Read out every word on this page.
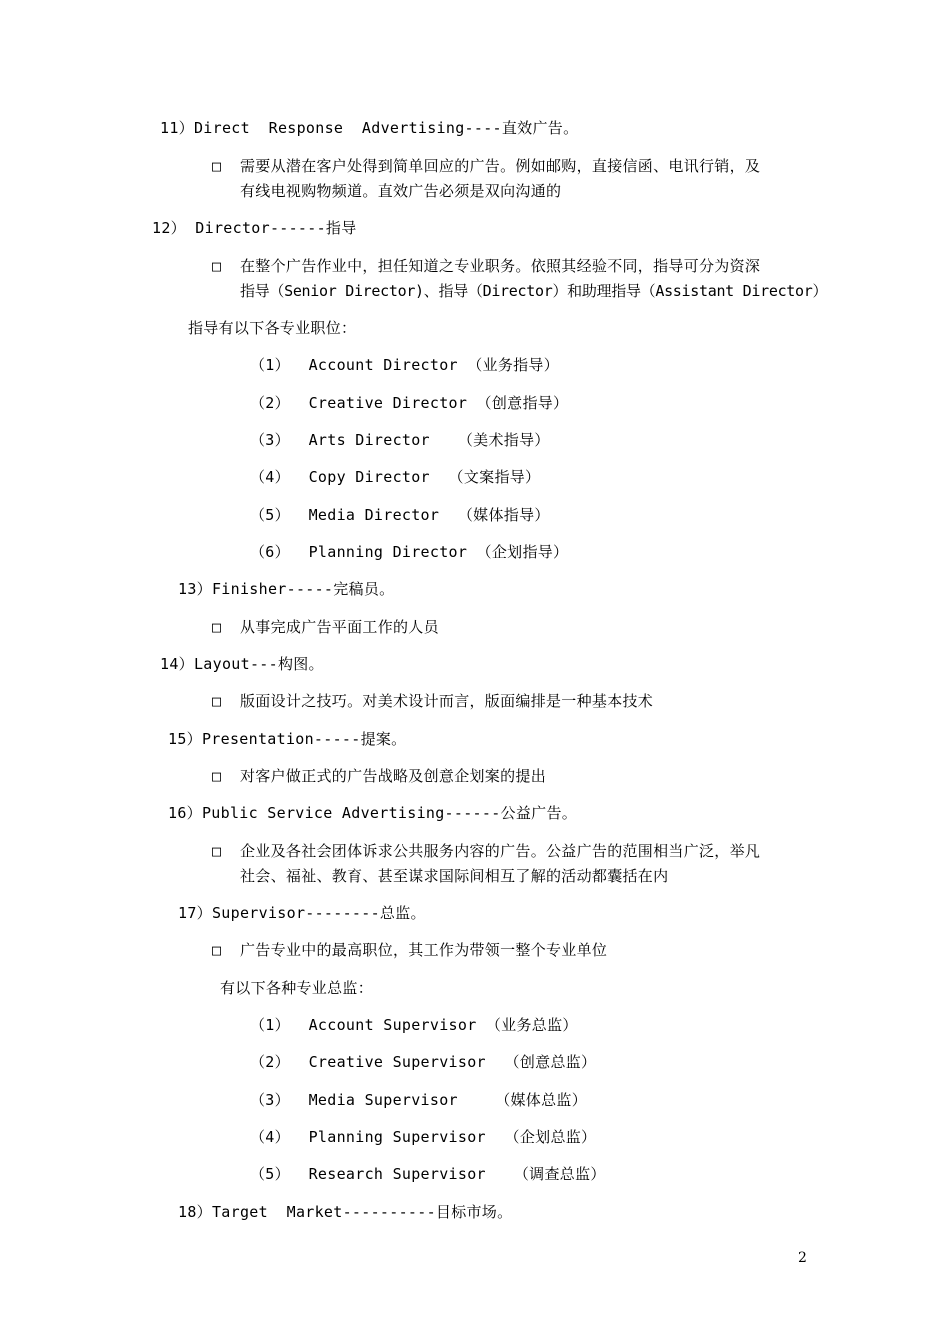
11）Direct  Response  Advertising----直效广告。
□ 需要从潜在客户处得到简单回应的广告。例如邮购，直接信函、电讯行销，及
有线电视购物频道。直效广告必须是双向沟通的
12） Director------指导
□ 在整个广告作业中，担任知道之专业职务。依照其经验不同，指导可分为资深
指导（Senior Director)、指导（Director）和助理指导（Assistant Director）
指导有以下各专业职位：
（1）  Account Director （业务指导）
（2）  Creative Director （创意指导）
（3）  Arts Director   （美术指导）
（4）  Copy Director  （文案指导）
（5）  Media Director  （媒体指导）
（6）  Planning Director （企划指导）
13）Finisher-----完稿员。
□ 从事完成广告平面工作的人员
14）Layout---构图。
□ 版面设计之技巧。对美术设计而言，版面编排是一种基本技术
15）Presentation-----提案。
□ 对客户做正式的广告战略及创意企划案的提出
16）Public Service Advertising------公益广告。
□ 企业及各社会团体诉求公共服务内容的广告。公益广告的范围相当广泛，举凡
社会、福祉、教育、甚至谋求国际间相互了解的活动都囊括在内
17）Supervisor--------总监。
□ 广告专业中的最高职位，其工作为带领一整个专业单位
有以下各种专业总监：
（1）  Account Supervisor （业务总监）
（2）  Creative Supervisor  （创意总监）
（3）  Media Supervisor    （媒体总监）
（4）  Planning Supervisor  （企划总监）
（5）  Research Supervisor   （调查总监）
18）Target  Market----------目标市场。
2
